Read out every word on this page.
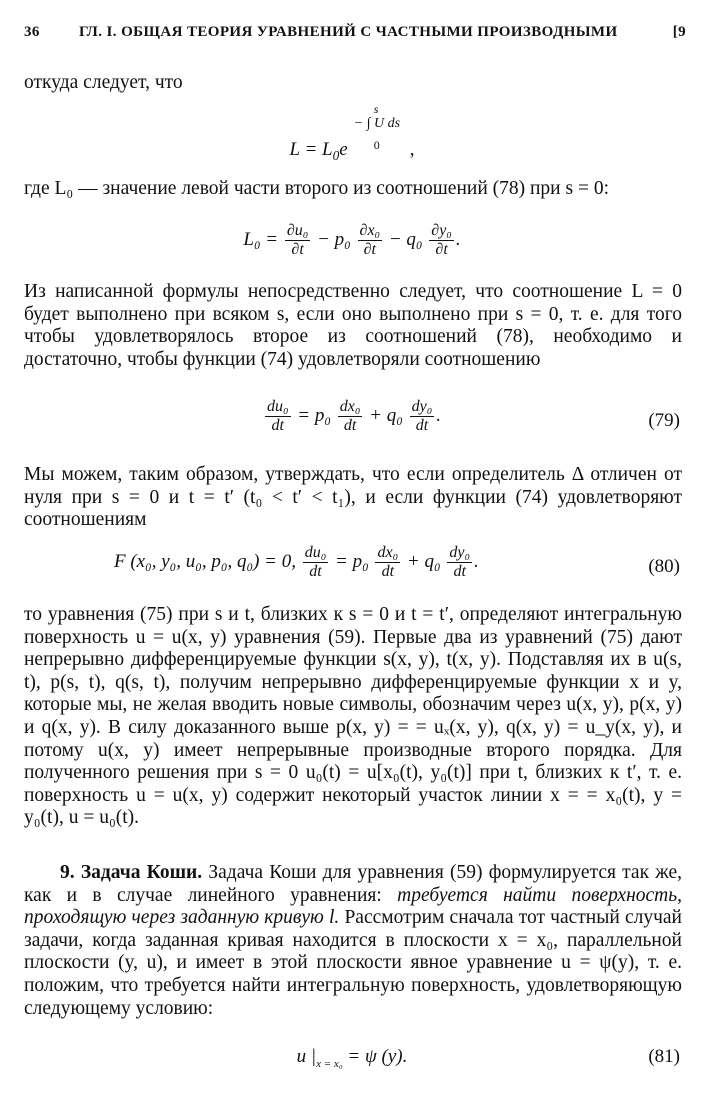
36	ГЛ. I. ОБЩАЯ ТЕОРИЯ УРАВНЕНИЙ С ЧАСТНЫМИ ПРОИЗВОДНЫМИ	[9

откуда следует, что

$L = L_0e$
s
− ∫ U ds
0 ,

где L₀ — значение левой части второго из соотношений (78) при s = 0:

$L_0 = \frac{\text{∂u₀}}{\partial t} - p_0 \frac{\text{∂x₀}}{\partial t} - q_0 \frac{\text{∂y₀}}{\partial t}$ .

Из написанной формулы непосредственно следует, что соотношение L = 0 будет выполнено при всяком s, если оно выполнено при s = 0, т. е. для того чтобы удовлетворялось второе из соотношений (78), необходимо и достаточно, чтобы функции (74) удовлетворяли соотношению

$\frac{\text{du₀}}{dt} = p_0 \frac{\text{dx₀}}{dt} + q_0 \frac{\text{dy₀}}{dt}$ .	(79)

Мы можем, таким образом, утверждать, что если определитель Δ отличен от нуля при s = 0 и t = t′ (t₀ < t′ < t₁), и если функции (74) удовлетворяют соотношениям

F (x₀, y₀, u₀, p₀, q₀) = 0, $\frac{\text{du₀}}{dt} = p_0 \frac{\text{dx₀}}{dt} + q_0 \frac{\text{dy₀}}{dt}$ .	(80)

то уравнения (75) при s и t, близких к s = 0 и t = t′, определяют интегральную поверхность u = u(x, y) уравнения (59). Первые два из уравнений (75) дают непрерывно дифференцируемые функции s(x, y), t(x, y). Подставляя их в u(s, t), p(s, t), q(s, t), получим непрерывно дифференцируемые функции x и y, которые мы, не желая вводить новые символы, обозначим через u(x, y), p(x, y) и q(x, y). В силу доказанного выше p(x, y) = = uₓ(x, y), q(x, y) = u_y(x, y), и потому u(x, y) имеет непрерывные производные второго порядка. Для полученного решения при s = 0 u₀(t) = u[x₀(t), y₀(t)] при t, близких к t′, т. е. поверхность u = u(x, y) содержит некоторый участок линии x = = x₀(t), y = y₀(t), u = u₀(t).

9. Задача Коши. Задача Коши для уравнения (59) формулируется так же, как и в случае линейного уравнения: требуется найти поверхность, проходящую через заданную кривую l. Рассмотрим сначала тот частный случай задачи, когда заданная кривая находится в плоскости x = x₀, параллельной плоскости (y, u), и имеет в этой плоскости явное уравнение u = ψ(y), т. е. положим, что требуется найти интегральную поверхность, удовлетворяющую следующему условию:

u $|_{x = x_0} = \psi$ (y).	(81)
